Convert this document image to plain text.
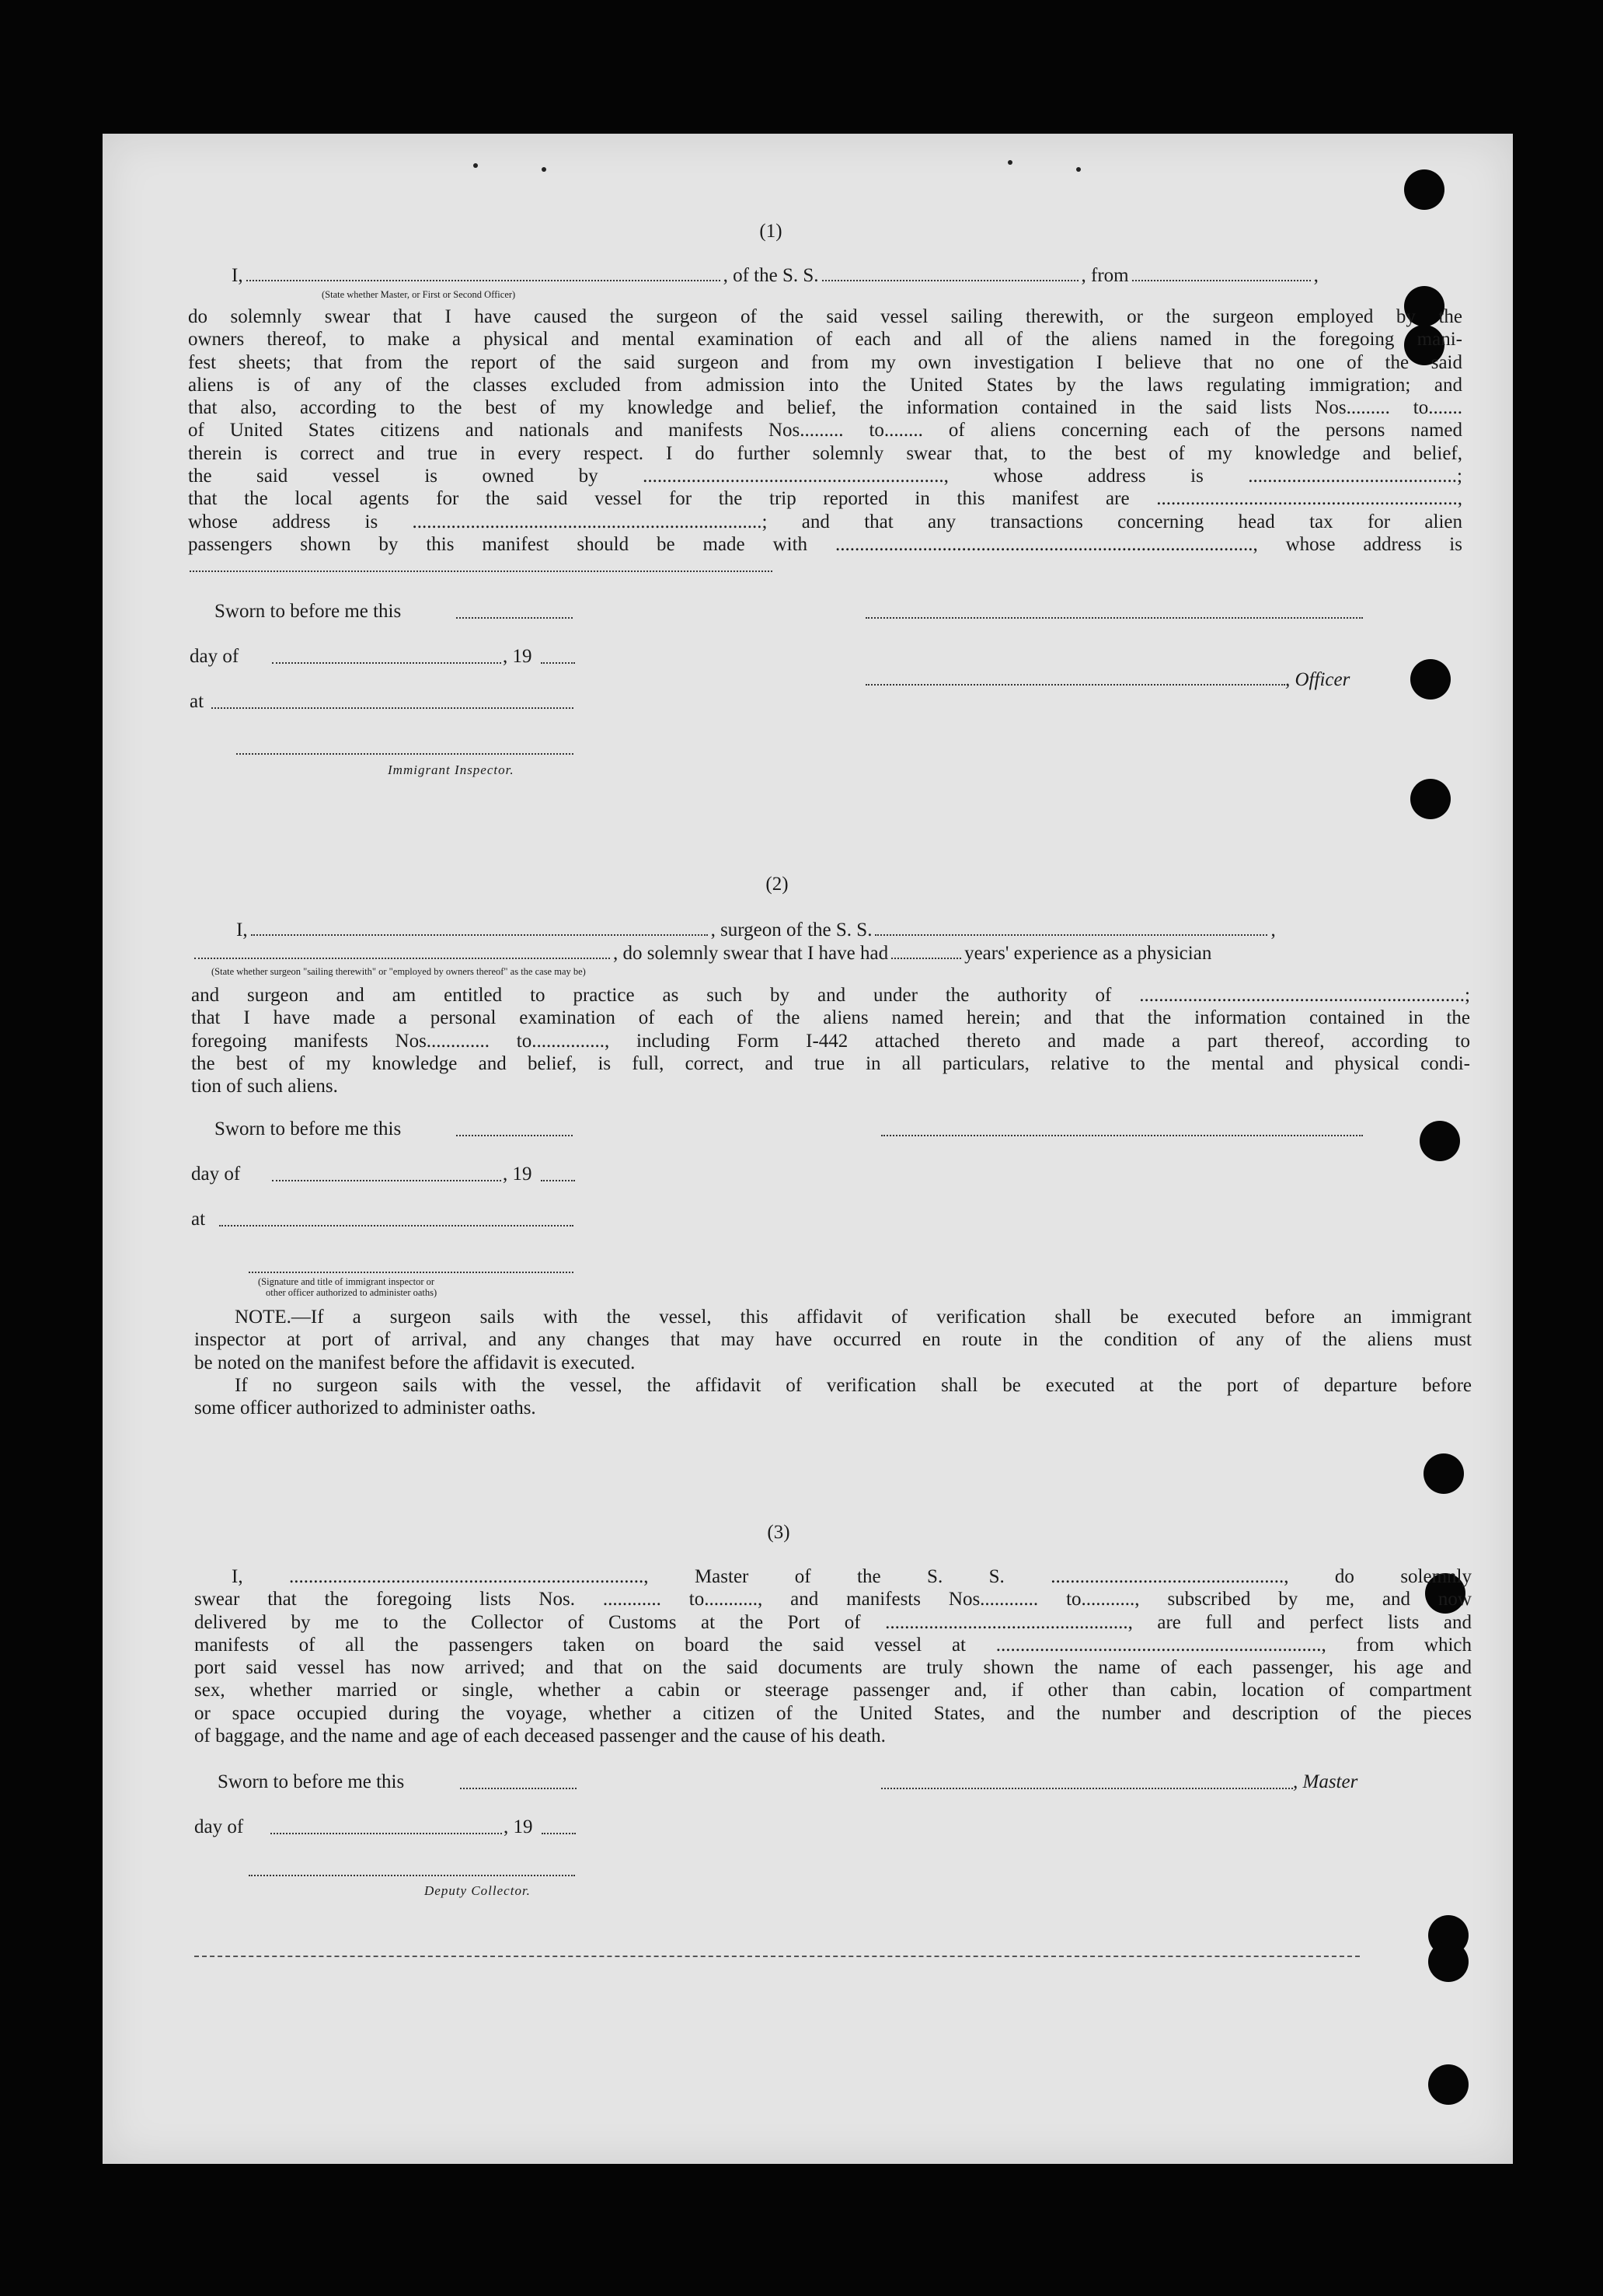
(1)
I,	, of the S. S.	, from	,
(State whether Master, or First or Second Officer)
do solemnly swear that I have caused the surgeon of the said vessel sailing therewith, or the surgeon employed by the
owners thereof, to make a physical and mental examination of each and all of the aliens named in the foregoing mani-
fest sheets; that from the report of the said surgeon and from my own investigation I believe that no one of the said
aliens is of any of the classes excluded from admission into the United States by the laws regulating immigration; and
that also, according to the best of my knowledge and belief, the information contained in the said lists Nos......... to.......
of United States citizens and nationals and manifests Nos......... to........ of aliens concerning each of the persons named
therein is correct and true in every respect. I do further solemnly swear that, to the best of my knowledge and belief,
the said vessel is owned by .............................................................., whose address is ...........................................;
that the local agents for the said vessel for the trip reported in this manifest are ..............................................................,
whose address is ........................................................................; and that any transactions concerning head tax for alien
passengers shown by this manifest should be made with ......................................................................................, whose address is
Sworn to before me this
day of	, 19
, Officer
at
Immigrant Inspector.
(2)
I,	, surgeon of the S. S.	,
, do solemnly swear that I have had	years' experience as a physician
(State whether surgeon "sailing therewith" or "employed by owners thereof" as the case may be)
and surgeon and am entitled to practice as such by and under the authority of ...................................................................;
that I have made a personal examination of each of the aliens named herein; and that the information contained in the
foregoing manifests Nos............. to..............., including Form I-442 attached thereto and made a part thereof, according to
the best of my knowledge and belief, is full, correct, and true in all particulars, relative to the mental and physical condi-
tion of such aliens.
Sworn to before me this
day of	, 19
at
(Signature and title of immigrant inspector or
other officer authorized to administer oaths)
NOTE.—If a surgeon sails with the vessel, this affidavit of verification shall be executed before an immigrant
inspector at port of arrival, and any changes that may have occurred en route in the condition of any of the aliens must
be noted on the manifest before the affidavit is executed.
If no surgeon sails with the vessel, the affidavit of verification shall be executed at the port of departure before
some officer authorized to administer oaths.
(3)
I, ........................................................................., Master of the S. S. ................................................, do solemnly
swear that the foregoing lists Nos. ............ to..........., and manifests Nos............ to..........., subscribed by me, and now
delivered by me to the Collector of Customs at the Port of .................................................., are full and perfect lists and
manifests of all the passengers taken on board the said vessel at ..................................................................., from which
port said vessel has now arrived; and that on the said documents are truly shown the name of each passenger, his age and
sex, whether married or single, whether a cabin or steerage passenger and, if other than cabin, location of compartment
or space occupied during the voyage, whether a citizen of the United States, and the number and description of the pieces
of baggage, and the name and age of each deceased passenger and the cause of his death.
Sworn to before me this	, Master
day of	, 19
Deputy Collector.
